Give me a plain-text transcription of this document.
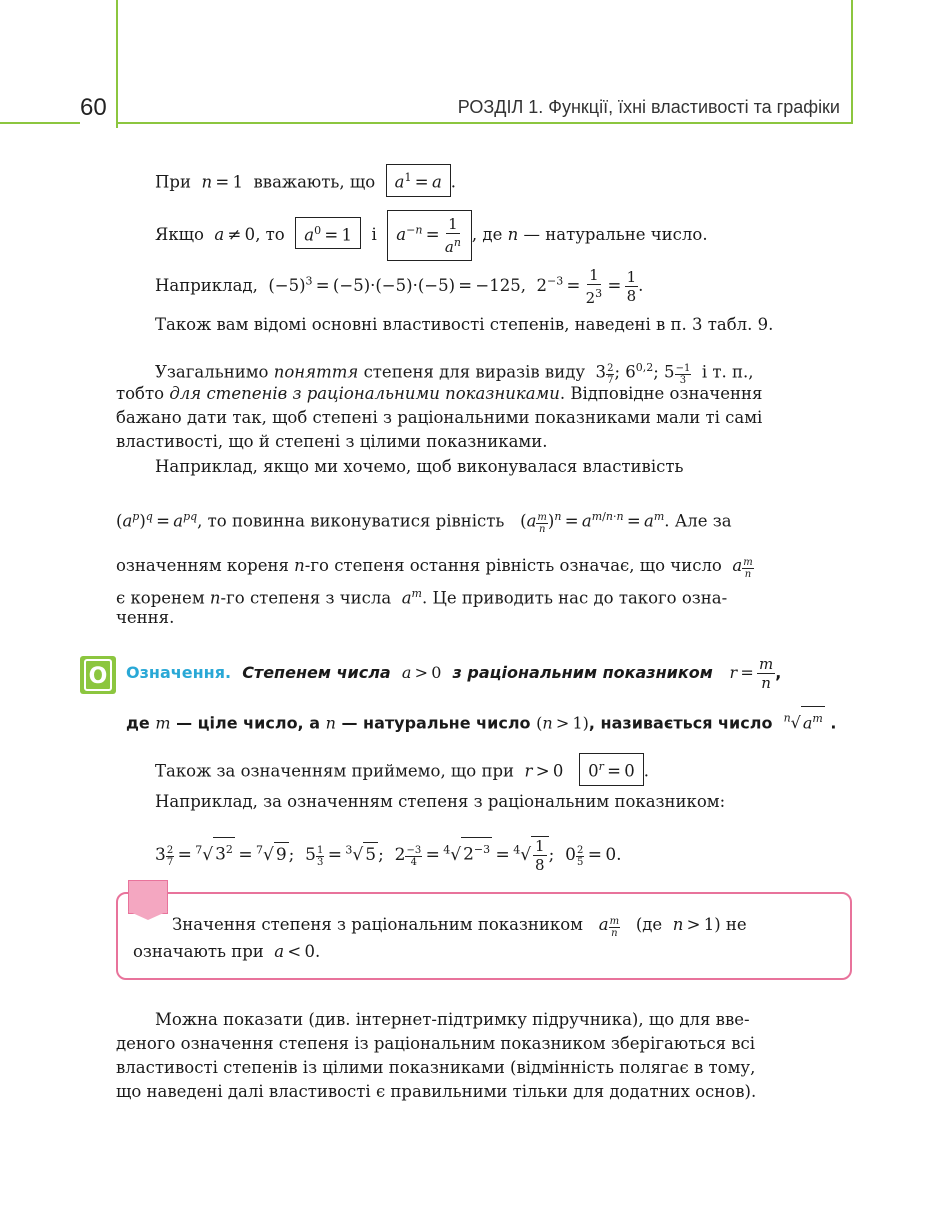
60	РОЗДІЛ 1. Функції, їхні властивості та графіки
При n = 1  вважають, що $a^1 = a$ .
Якщо a ≠ 0, то $a^0 = 1$ і $a^{-n} = \frac{1}{a^n}$ , де n — натуральне число.
Наприклад,  $(-5)^3 = (-5)\cdot(-5)\cdot(-5) = -125$,  $2^{-3} = \frac{1}{2^3} = \frac{1}{8}$ .
Також вам відомі основні властивості степенів, наведені в п. 3 табл. 9.
Узагальнимо поняття степеня для виразів виду  $3 \frac{2}{7}$ ; 6$^{0,2}$; $5 \frac{-1}{3}$ і т. п.,
тобто для степенів з раціональними показниками. Відповідне означення
бажано дати так, щоб степені з раціональними показниками мали ті самі
властивості, що й степені з цілими показниками.
Наприклад, якщо ми хочемо, щоб виконувалася властивість
$(a^p)^q = a^{pq}$, то повинна виконуватися рівність   $(a \frac{m}{n} )^n = a^{m/n\cdot n} = a^m$. Але за
означенням кореня n-го степеня остання рівність означає, що число a $\frac{m}{n}$
є коренем n-го степеня з числа $a^m$. Це приводить нас до такого озна-
чення.
О Означення. Степенем числа a > 0 з раціональним показником $r = \frac{m}{n}$ ,
де m — ціле число, а n — натуральне число (n > 1), називається число $^n$√ $a^m$ .
Також за означенням приймемо, що при r > 0   $0^r = 0$ .
Наприклад, за означенням степеня з раціональним показником:
$3 \frac{2}{7} = ^7√$ $3^2 = ^7√$ 9 ;  $5 \frac{1}{3} = ^3√$ 5 ;  $2 \frac{-3}{4} = ^4√$ $2^{-3} = ^4√ \frac{1}{8}$ ;  $0 \frac{2}{5} = 0$.
Значення степеня з раціональним показником a $\frac{m}{n} (де$ n > 1) не
означають при a < 0.
Можна показати (див. інтернет-підтримку підручника), що для вве-
деного означення степеня із раціональним показником зберігаються всі
властивості степенів із цілими показниками (відмінність полягає в тому,
що наведені далі властивості є правильними тільки для додатних основ).
